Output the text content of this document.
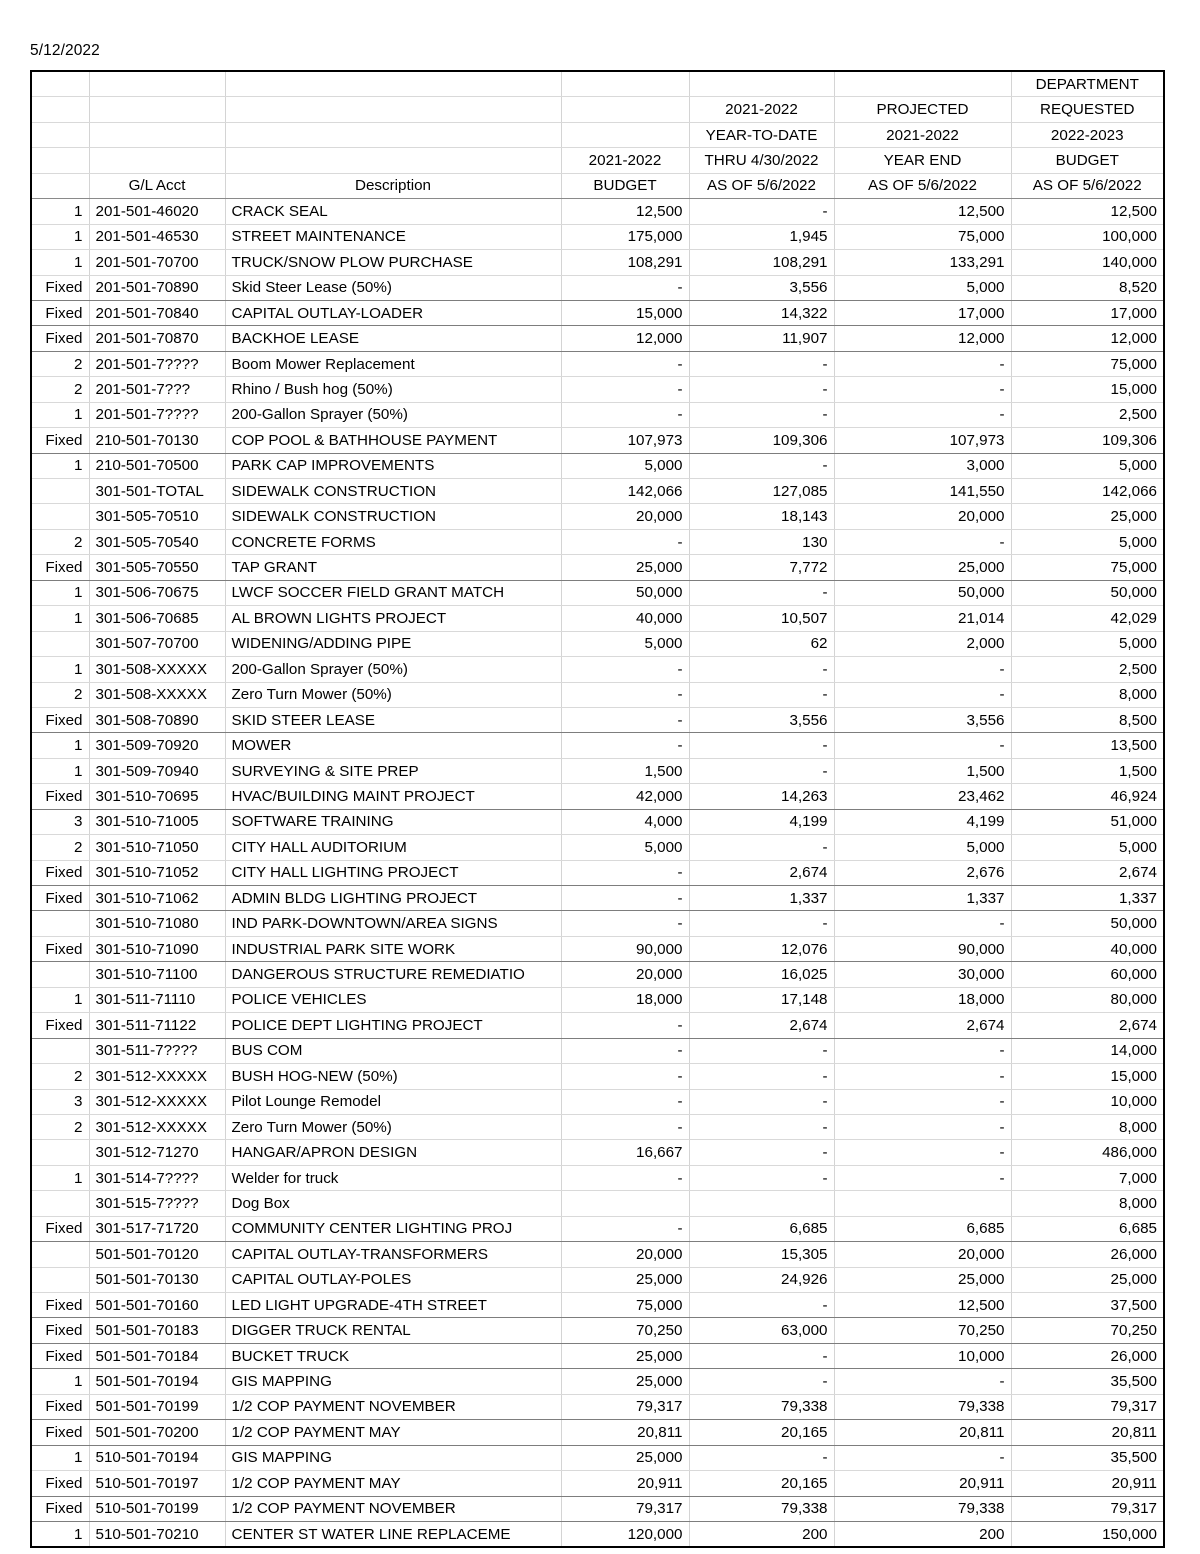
5/12/2022
						DEPARTMENT
				2021-2022	PROJECTED	REQUESTED
				YEAR-TO-DATE	2021-2022	2022-2023
			2021-2022	THRU 4/30/2022	YEAR END	BUDGET
	G/L Acct	Description	BUDGET	AS OF 5/6/2022	AS OF 5/6/2022	AS OF 5/6/2022
1	201-501-46020	CRACK SEAL	12,500	-	12,500	12,500
1	201-501-46530	STREET MAINTENANCE	175,000	1,945	75,000	100,000
1	201-501-70700	TRUCK/SNOW PLOW PURCHASE	108,291	108,291	133,291	140,000
Fixed	201-501-70890	Skid Steer Lease (50%)	-	3,556	5,000	8,520
Fixed	201-501-70840	CAPITAL OUTLAY-LOADER	15,000	14,322	17,000	17,000
Fixed	201-501-70870	BACKHOE LEASE	12,000	11,907	12,000	12,000
2	201-501-7????	Boom Mower Replacement	-	-	-	75,000
2	201-501-7???	Rhino / Bush hog (50%)	-	-	-	15,000
1	201-501-7????	200-Gallon Sprayer (50%)	-	-	-	2,500
Fixed	210-501-70130	COP POOL & BATHHOUSE PAYMENT	107,973	109,306	107,973	109,306
1	210-501-70500	PARK CAP IMPROVEMENTS	5,000	-	3,000	5,000
	301-501-TOTAL	SIDEWALK CONSTRUCTION	142,066	127,085	141,550	142,066
	301-505-70510	SIDEWALK CONSTRUCTION	20,000	18,143	20,000	25,000
2	301-505-70540	CONCRETE FORMS	-	130	-	5,000
Fixed	301-505-70550	TAP GRANT	25,000	7,772	25,000	75,000
1	301-506-70675	LWCF SOCCER FIELD GRANT MATCH	50,000	-	50,000	50,000
1	301-506-70685	AL BROWN LIGHTS PROJECT	40,000	10,507	21,014	42,029
	301-507-70700	WIDENING/ADDING PIPE	5,000	62	2,000	5,000
1	301-508-XXXXX	200-Gallon Sprayer (50%)	-	-	-	2,500
2	301-508-XXXXX	Zero Turn Mower (50%)	-	-	-	8,000
Fixed	301-508-70890	SKID STEER LEASE	-	3,556	3,556	8,500
1	301-509-70920	MOWER	-	-	-	13,500
1	301-509-70940	SURVEYING & SITE PREP	1,500	-	1,500	1,500
Fixed	301-510-70695	HVAC/BUILDING MAINT PROJECT	42,000	14,263	23,462	46,924
3	301-510-71005	SOFTWARE TRAINING	4,000	4,199	4,199	51,000
2	301-510-71050	CITY HALL AUDITORIUM	5,000	-	5,000	5,000
Fixed	301-510-71052	CITY HALL LIGHTING PROJECT	-	2,674	2,676	2,674
Fixed	301-510-71062	ADMIN BLDG LIGHTING PROJECT	-	1,337	1,337	1,337
	301-510-71080	IND PARK-DOWNTOWN/AREA SIGNS	-	-	-	50,000
Fixed	301-510-71090	INDUSTRIAL PARK SITE WORK	90,000	12,076	90,000	40,000
	301-510-71100	DANGEROUS STRUCTURE REMEDIATIO	20,000	16,025	30,000	60,000
1	301-511-71110	POLICE VEHICLES	18,000	17,148	18,000	80,000
Fixed	301-511-71122	POLICE DEPT LIGHTING PROJECT	-	2,674	2,674	2,674
	301-511-7????	BUS COM	-	-	-	14,000
2	301-512-XXXXX	BUSH HOG-NEW (50%)	-	-	-	15,000
3	301-512-XXXXX	Pilot Lounge Remodel	-	-	-	10,000
2	301-512-XXXXX	Zero Turn Mower (50%)	-	-	-	8,000
	301-512-71270	HANGAR/APRON DESIGN	16,667	-	-	486,000
1	301-514-7????	Welder for truck	-	-	-	7,000
	301-515-7????	Dog Box				8,000
Fixed	301-517-71720	COMMUNITY CENTER LIGHTING PROJ	-	6,685	6,685	6,685
	501-501-70120	CAPITAL OUTLAY-TRANSFORMERS	20,000	15,305	20,000	26,000
	501-501-70130	CAPITAL OUTLAY-POLES	25,000	24,926	25,000	25,000
Fixed	501-501-70160	LED LIGHT UPGRADE-4TH STREET	75,000	-	12,500	37,500
Fixed	501-501-70183	DIGGER TRUCK RENTAL	70,250	63,000	70,250	70,250
Fixed	501-501-70184	BUCKET TRUCK	25,000	-	10,000	26,000
1	501-501-70194	GIS MAPPING	25,000	-	-	35,500
Fixed	501-501-70199	1/2 COP PAYMENT NOVEMBER	79,317	79,338	79,338	79,317
Fixed	501-501-70200	1/2 COP PAYMENT MAY	20,811	20,165	20,811	20,811
1	510-501-70194	GIS MAPPING	25,000	-	-	35,500
Fixed	510-501-70197	1/2 COP PAYMENT MAY	20,911	20,165	20,911	20,911
Fixed	510-501-70199	1/2 COP PAYMENT NOVEMBER	79,317	79,338	79,338	79,317
1	510-501-70210	CENTER ST WATER LINE REPLACEME	120,000	200	200	150,000
